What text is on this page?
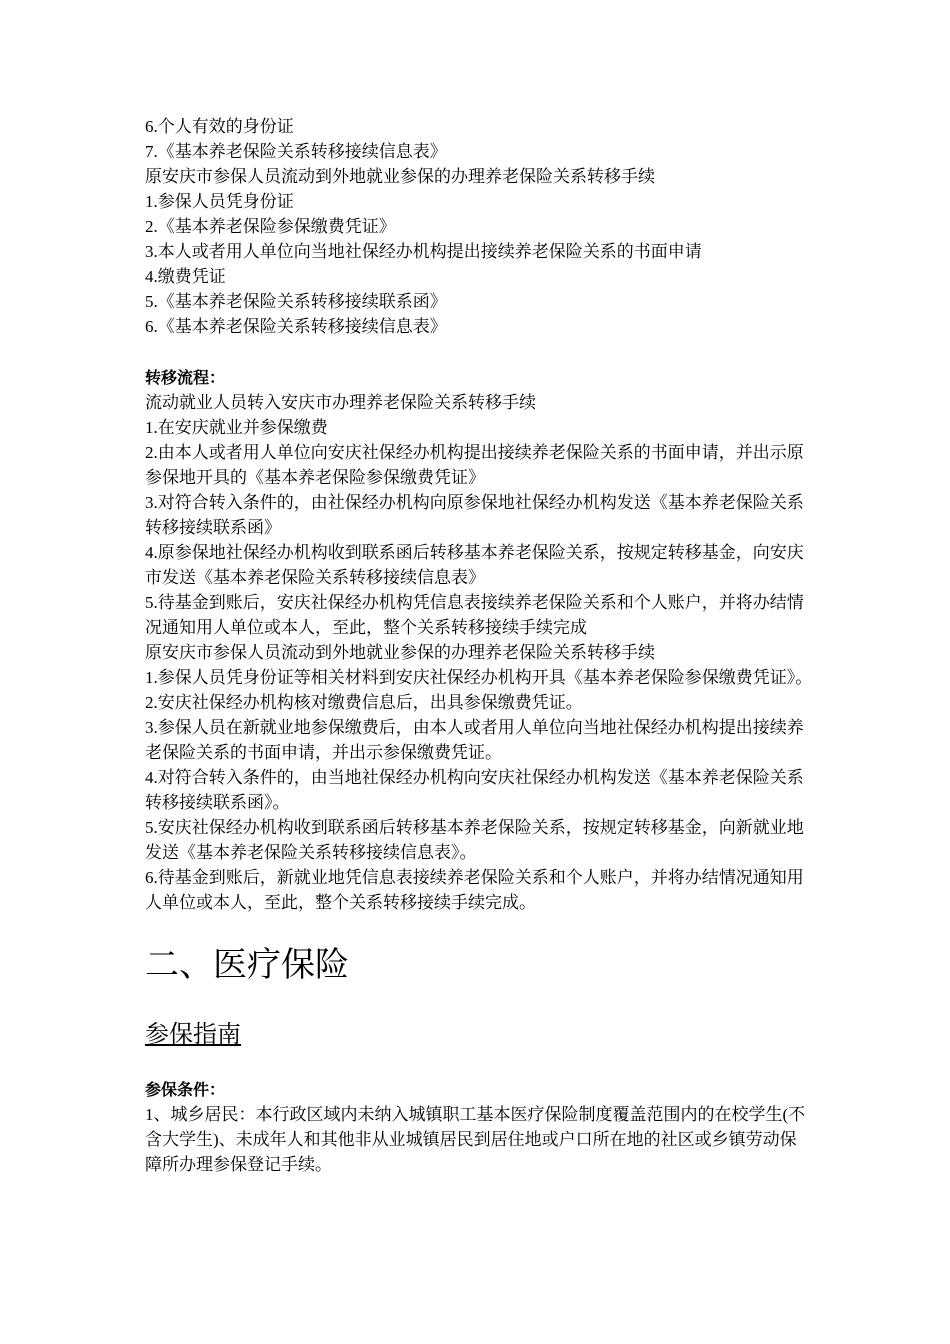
6.个人有效的身份证

7.《基本养老保险关系转移接续信息表》

原安庆市参保人员流动到外地就业参保的办理养老保险关系转移手续

1.参保人员凭身份证

2.《基本养老保险参保缴费凭证》

3.本人或者用人单位向当地社保经办机构提出接续养老保险关系的书面申请

4.缴费凭证

5.《基本养老保险关系转移接续联系函》

6.《基本养老保险关系转移接续信息表》

转移流程：

流动就业人员转入安庆市办理养老保险关系转移手续

1.在安庆就业并参保缴费

2.由本人或者用人单位向安庆社保经办机构提出接续养老保险关系的书面申请，并出示原参保地开具的《基本养老保险参保缴费凭证》

3.对符合转入条件的，由社保经办机构向原参保地社保经办机构发送《基本养老保险关系转移接续联系函》

4.原参保地社保经办机构收到联系函后转移基本养老保险关系，按规定转移基金，向安庆市发送《基本养老保险关系转移接续信息表》

5.待基金到账后，安庆社保经办机构凭信息表接续养老保险关系和个人账户，并将办结情况通知用人单位或本人，至此，整个关系转移接续手续完成

原安庆市参保人员流动到外地就业参保的办理养老保险关系转移手续

1.参保人员凭身份证等相关材料到安庆社保经办机构开具《基本养老保险参保缴费凭证》。

2.安庆社保经办机构核对缴费信息后，出具参保缴费凭证。

3.参保人员在新就业地参保缴费后，由本人或者用人单位向当地社保经办机构提出接续养老保险关系的书面申请，并出示参保缴费凭证。

4.对符合转入条件的，由当地社保经办机构向安庆社保经办机构发送《基本养老保险关系转移接续联系函》。

5.安庆社保经办机构收到联系函后转移基本养老保险关系，按规定转移基金，向新就业地发送《基本养老保险关系转移接续信息表》。

6.待基金到账后，新就业地凭信息表接续养老保险关系和个人账户，并将办结情况通知用人单位或本人，至此，整个关系转移接续手续完成。

二、医疗保险
参保指南

参保条件：

1、城乡居民：本行政区域内未纳入城镇职工基本医疗保险制度覆盖范围内的在校学生(不含大学生)、未成年人和其他非从业城镇居民到居住地或户口所在地的社区或乡镇劳动保障所办理参保登记手续。
